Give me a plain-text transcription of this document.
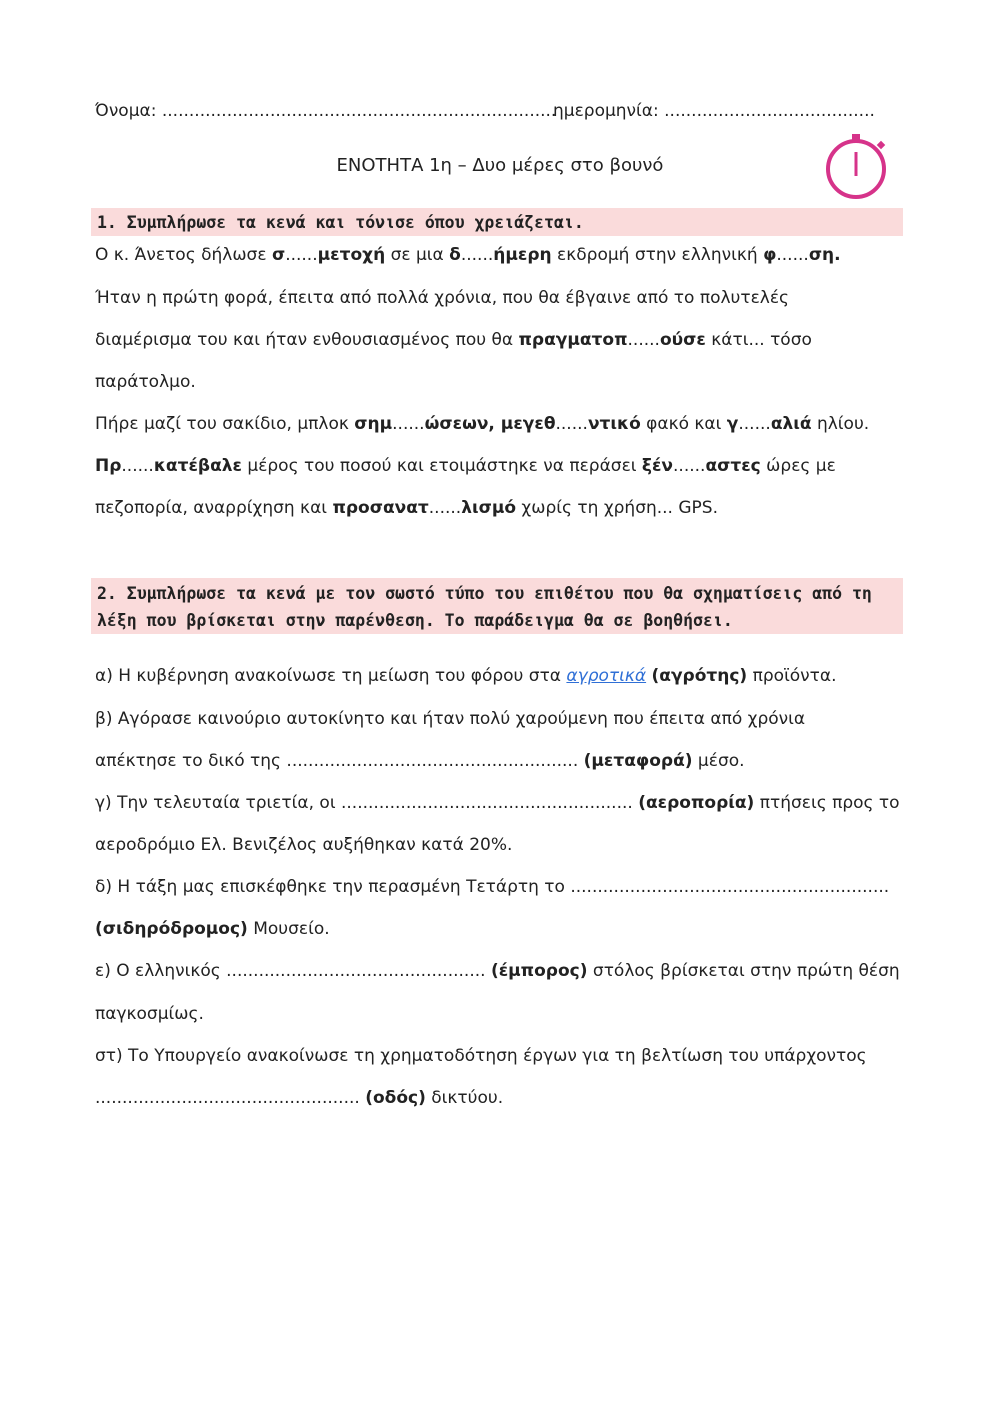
Όνομα: .........................................................................
ημερομηνία: .......................................
ΕΝΟΤΗΤΑ 1η – Δυο μέρες στο βουνό
1. Συμπλήρωσε τα κενά και τόνισε όπου χρειάζεται.
Ο κ. Άνετος δήλωσε σ......μετοχή σε μια δ......ήμερη εκδρομή στην ελληνική φ......ση.
Ήταν η πρώτη φορά, έπειτα από πολλά χρόνια, που θα έβγαινε από το πολυτελές
διαμέρισμα του και ήταν ενθουσιασμένος που θα πραγματοπ......ούσε κάτι... τόσο
παράτολμο.
Πήρε μαζί του σακίδιο, μπλοκ σημ......ώσεων, μεγεθ......ντικό φακό και γ......αλιά ηλίου.
Πρ......κατέβαλε μέρος του ποσού και ετοιμάστηκε να περάσει ξέν......αστες ώρες με
πεζοπορία, αναρρίχηση και προσανατ......λισμό χωρίς τη χρήση... GPS.
2. Συμπλήρωσε τα κενά με τον σωστό τύπο του επιθέτου που θα σχηματίσεις από τη
λέξη που βρίσκεται στην παρένθεση. Το παράδειγμα θα σε βοηθήσει.
α) Η κυβέρνηση ανακοίνωσε τη μείωση του φόρου στα αγροτικά (αγρότης) προϊόντα.
β) Αγόρασε καινούριο αυτοκίνητο και ήταν πολύ χαρούμενη που έπειτα από χρόνια
απέκτησε το δικό της ...................................................... (μεταφορά) μέσο.
γ) Την τελευταία τριετία, οι ...................................................... (αεροπορία) πτήσεις προς το
αεροδρόμιο Ελ. Βενιζέλος αυξήθηκαν κατά 20%.
δ) Η τάξη μας επισκέφθηκε την περασμένη Τετάρτη το ...........................................................
(σιδηρόδρομος) Μουσείο.
ε) Ο ελληνικός ................................................ (έμπορος) στόλος βρίσκεται στην πρώτη θέση
παγκοσμίως.
στ) Το Υπουργείο ανακοίνωσε τη χρηματοδότηση έργων για τη βελτίωση του υπάρχοντος
................................................. (οδός) δικτύου.
